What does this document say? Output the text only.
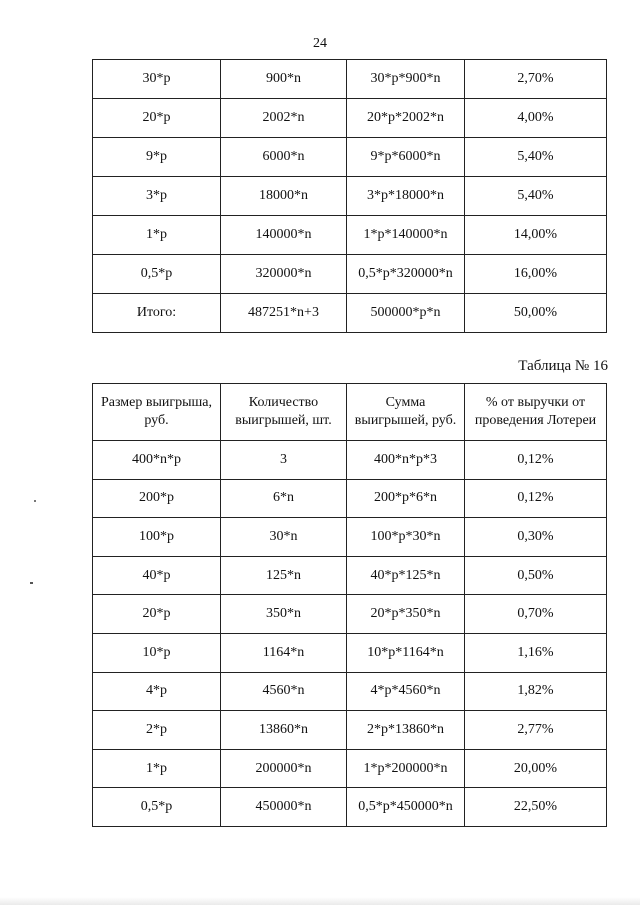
24
30*р	900*n	30*р*900*n	2,70%
20*р	2002*n	20*р*2002*n	4,00%
9*р	6000*n	9*р*6000*n	5,40%
3*р	18000*n	3*р*18000*n	5,40%
1*р	140000*n	1*р*140000*n	14,00%
0,5*р	320000*n	0,5*р*320000*n	16,00%
Итого:	487251*n+3	500000*р*n	50,00%
Таблица № 16
Размер выигрыша, руб.	Количество выигрышей, шт.	Сумма выигрышей, руб.	% от выручки от проведения Лотереи
400*n*р	3	400*n*р*3	0,12%
200*р	6*n	200*р*6*n	0,12%
100*р	30*n	100*р*30*n	0,30%
40*р	125*n	40*р*125*n	0,50%
20*р	350*n	20*р*350*n	0,70%
10*р	1164*n	10*р*1164*n	1,16%
4*р	4560*n	4*р*4560*n	1,82%
2*р	13860*n	2*р*13860*n	2,77%
1*р	200000*n	1*р*200000*n	20,00%
0,5*р	450000*n	0,5*р*450000*n	22,50%
